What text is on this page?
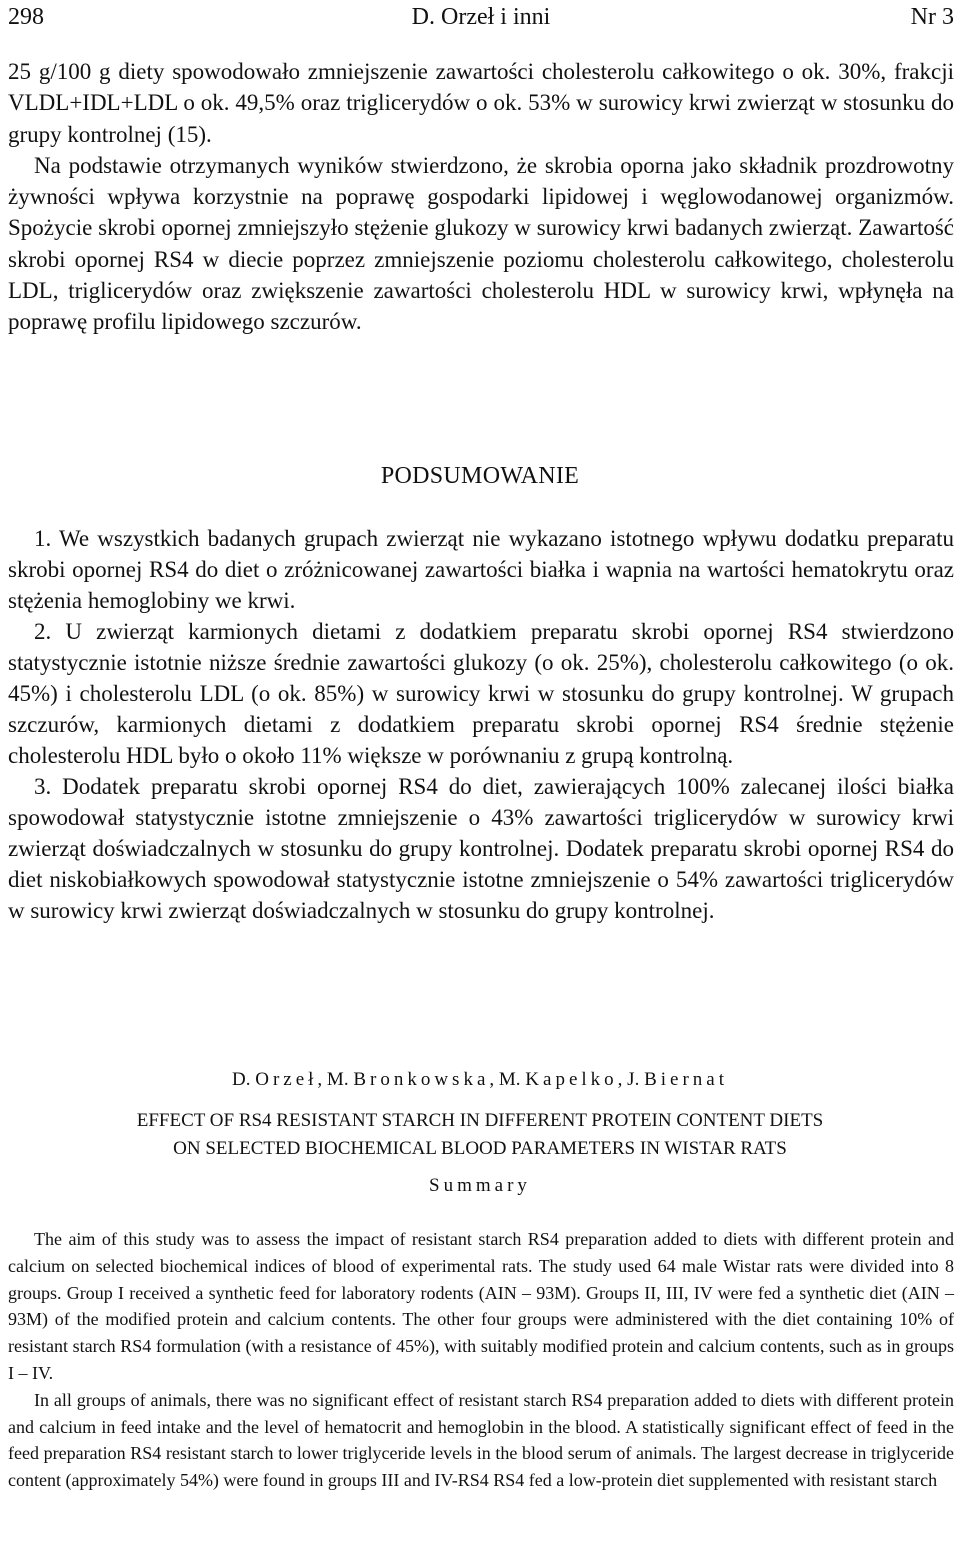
298	D. Orzeł i inni	Nr 3

25 g/100 g diety spowodowało zmniejszenie zawartości cholesterolu całkowitego o ok. 30%, frakcji VLDL+IDL+LDL o ok. 49,5% oraz triglicerydów o ok. 53% w surowicy krwi zwierząt w stosunku do grupy kontrolnej (15).

Na podstawie otrzymanych wyników stwierdzono, że skrobia oporna jako składnik prozdrowotny żywności wpływa korzystnie na poprawę gospodarki lipidowej i węglowodanowej organizmów. Spożycie skrobi opornej zmniejszyło stężenie glukozy w surowicy krwi badanych zwierząt. Zawartość skrobi opornej RS4 w diecie poprzez zmniejszenie poziomu cholesterolu całkowitego, cholesterolu LDL, triglicerydów oraz zwiększenie zawartości cholesterolu HDL w surowicy krwi, wpłynęła na poprawę profilu lipidowego szczurów.

PODSUMOWANIE

1. We wszystkich badanych grupach zwierząt nie wykazano istotnego wpływu dodatku preparatu skrobi opornej RS4 do diet o zróżnicowanej zawartości białka i wapnia na wartości hematokrytu oraz stężenia hemoglobiny we krwi.

2. U zwierząt karmionych dietami z dodatkiem preparatu skrobi opornej RS4 stwierdzono statystycznie istotnie niższe średnie zawartości glukozy (o ok. 25%), cholesterolu całkowitego (o ok. 45%) i cholesterolu LDL (o ok. 85%) w surowicy krwi w stosunku do grupy kontrolnej. W grupach szczurów, karmionych dietami z dodatkiem preparatu skrobi opornej RS4 średnie stężenie cholesterolu HDL było o około 11% większe w porównaniu z grupą kontrolną.

3. Dodatek preparatu skrobi opornej RS4 do diet, zawierających 100% zalecanej ilości białka spowodował statystycznie istotne zmniejszenie o 43% zawartości triglicerydów w surowicy krwi zwierząt doświadczalnych w stosunku do grupy kontrolnej. Dodatek preparatu skrobi opornej RS4 do diet niskobiałkowych spowodował statystycznie istotne zmniejszenie o 54% zawartości triglicerydów w surowicy krwi zwierząt doświadczalnych w stosunku do grupy kontrolnej.

D. Orzeł, M. Bronkowska, M. Kapelko, J. Biernat

EFFECT OF RS4 RESISTANT STARCH IN DIFFERENT PROTEIN CONTENT DIETS

ON SELECTED BIOCHEMICAL BLOOD PARAMETERS IN WISTAR RATS

Summary

The aim of this study was to assess the impact of resistant starch RS4 preparation added to diets with different protein and calcium on selected biochemical indices of blood of experimental rats. The study used 64 male Wistar rats were divided into 8 groups. Group I received a synthetic feed for laboratory rodents (AIN – 93M). Groups II, III, IV were fed a synthetic diet (AIN – 93M) of the modified protein and calcium contents. The other four groups were administered with the diet containing 10% of resistant starch RS4 formulation (with a resistance of 45%), with suitably modified protein and calcium contents, such as in groups I – IV.

In all groups of animals, there was no significant effect of resistant starch RS4 preparation added to diets with different protein and calcium in feed intake and the level of hematocrit and hemoglobin in the blood. A statistically significant effect of feed in the feed preparation RS4 resistant starch to lower triglyceride levels in the blood serum of animals. The largest decrease in triglyceride content (approximately 54%) were found in groups III and IV-RS4 RS4 fed a low-protein diet supplemented with resistant starch
